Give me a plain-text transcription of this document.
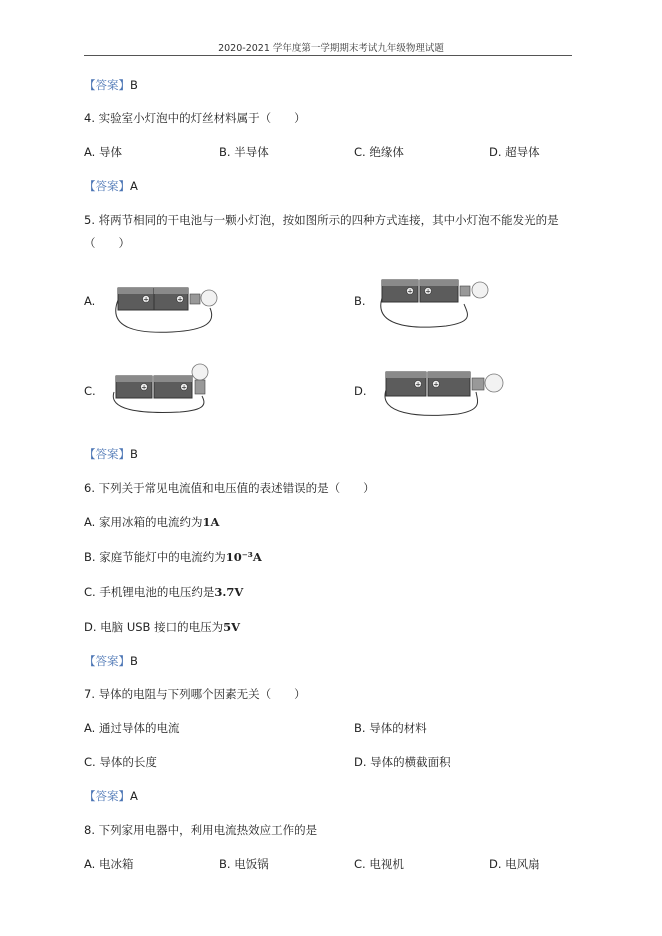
2020-2021 学年度第一学期期末考试九年级物理试题
【答案】B
4. 实验室小灯泡中的灯丝材料属于（　　）
A. 导体	B. 半导体	C. 绝缘体	D. 超导体
【答案】A
5. 将两节相同的干电池与一颗小灯泡，按如图所示的四种方式连接，其中小灯泡不能发光的是
（　　）
A.	+	+	B.
+ +
C.	+	+	D.	+ +
【答案】B
6. 下列关于常见电流值和电压值的表述错误的是（　　）
A. 家用冰箱的电流约为1A
B. 家庭节能灯中的电流约为10⁻³A
C. 手机锂电池的电压约是3.7V
D. 电脑 USB 接口的电压为5V
【答案】B
7. 导体的电阻与下列哪个因素无关（　　）
A. 通过导体的电流	B. 导体的材料
C. 导体的长度	D. 导体的横截面积
【答案】A
8. 下列家用电器中，利用电流热效应工作的是
A. 电冰箱	B. 电饭锅	C. 电视机	D. 电风扇
